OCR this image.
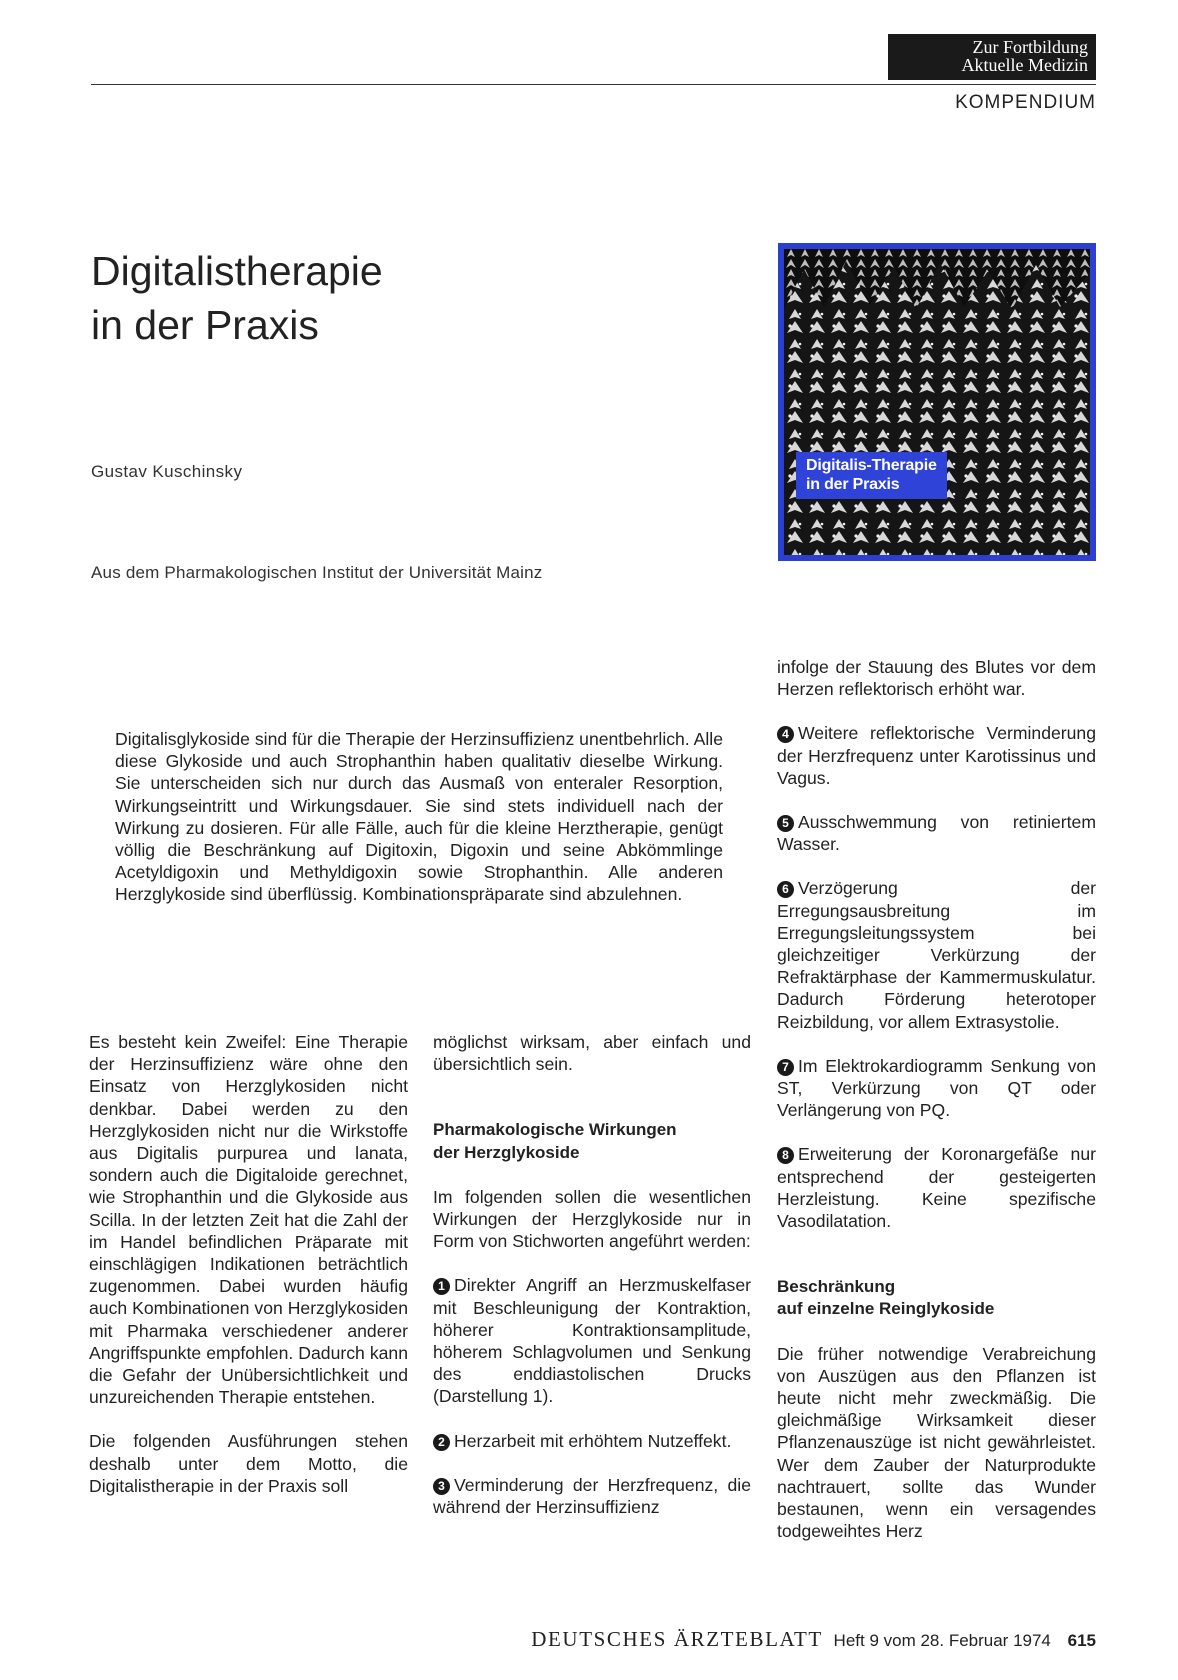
Zur Fortbildung
Aktuelle Medizin
KOMPENDIUM
Digitalistherapie
in der Praxis
Gustav Kuschinsky
Aus dem Pharmakologischen Institut der Universität Mainz
Digitalis-Therapie
in der Praxis

Digitalisglykoside sind für die Therapie der Herzinsuffizienz unentbehrlich. Alle diese Glykoside und auch Strophanthin haben qualitativ dieselbe Wirkung. Sie unterscheiden sich nur durch das Ausmaß von enteraler Resorption, Wirkungseintritt und Wirkungsdauer. Sie sind stets individuell nach der Wirkung zu dosieren. Für alle Fälle, auch für die kleine Herztherapie, genügt völlig die Beschränkung auf Digitoxin, Digoxin und seine Abkömmlinge Acetyldigoxin und Methyldigoxin sowie Strophanthin. Alle anderen Herzglykoside sind überflüssig. Kombinationspräparate sind abzulehnen.

Es besteht kein Zweifel: Eine Therapie der Herzinsuffizienz wäre ohne den Einsatz von Herzglykosiden nicht denkbar. Dabei werden zu den Herzglykosiden nicht nur die Wirkstoffe aus Digitalis purpurea und lanata, sondern auch die Digitaloide gerechnet, wie Strophanthin und die Glykoside aus Scilla. In der letzten Zeit hat die Zahl der im Handel befindlichen Präparate mit einschlägigen Indikationen beträchtlich zugenommen. Dabei wurden häufig auch Kombinationen von Herzglykosiden mit Pharmaka verschiedener anderer Angriffspunkte empfohlen. Dadurch kann die Gefahr der Unübersichtlichkeit und unzureichenden Therapie entstehen.

Die folgenden Ausführungen stehen deshalb unter dem Motto, die Digitalistherapie in der Praxis soll

möglichst wirksam, aber einfach und übersichtlich sein.

Pharmakologische Wirkungen
der Herzglykoside

Im folgenden sollen die wesentlichen Wirkungen der Herzglykoside nur in Form von Stichworten angeführt werden:

1 Direkter Angriff an Herzmuskelfaser mit Beschleunigung der Kontraktion, höherer Kontraktionsamplitude, höherem Schlagvolumen und Senkung des enddiastolischen Drucks (Darstellung 1).

2 Herzarbeit mit erhöhtem Nutzeffekt.

3 Verminderung der Herzfrequenz, die während der Herzinsuffizienz

infolge der Stauung des Blutes vor dem Herzen reflektorisch erhöht war.

4 Weitere reflektorische Verminderung der Herzfrequenz unter Karotissinus und Vagus.

5 Ausschwemmung von retiniertem Wasser.

6 Verzögerung der Erregungsausbreitung im Erregungsleitungssystem bei gleichzeitiger Verkürzung der Refraktärphase der Kammermuskulatur. Dadurch Förderung heterotoper Reizbildung, vor allem Extrasystolie.

7 Im Elektrokardiogramm Senkung von ST, Verkürzung von QT oder Verlängerung von PQ.

8 Erweiterung der Koronargefäße nur entsprechend der gesteigerten Herzleistung. Keine spezifische Vasodilatation.

Beschränkung
auf einzelne Reinglykoside

Die früher notwendige Verabreichung von Auszügen aus den Pflanzen ist heute nicht mehr zweckmäßig. Die gleichmäßige Wirksamkeit dieser Pflanzenauszüge ist nicht gewährleistet. Wer dem Zauber der Naturprodukte nachtrauert, sollte das Wunder bestaunen, wenn ein versagendes todgeweihtes Herz

DEUTSCHES ÄRZTEBLATT Heft 9 vom 28. Februar 1974 615
